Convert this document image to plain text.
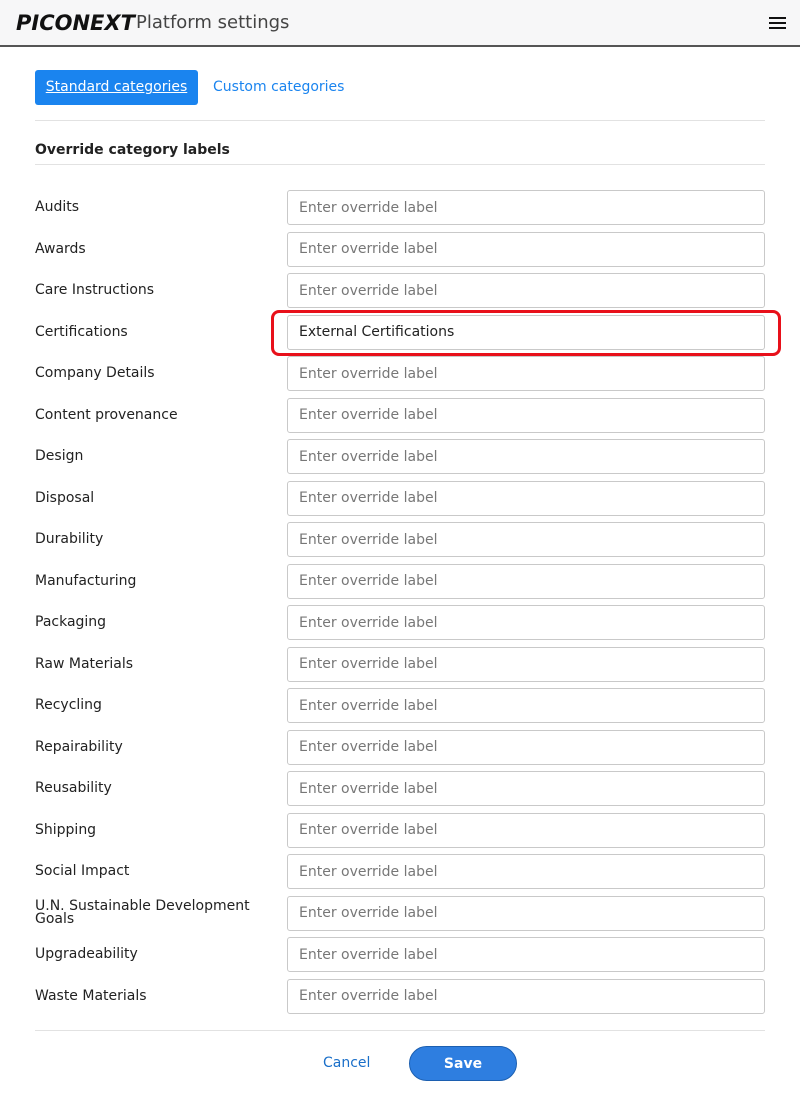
PICONEXT Platform settings
Standard categories	Custom categories
Override category labels
Audits
Enter override label
Awards
Enter override label
Care Instructions
Enter override label
Certifications
External Certifications
Company Details
Enter override label
Content provenance
Enter override label
Design
Enter override label
Disposal
Enter override label
Durability
Enter override label
Manufacturing
Enter override label
Packaging
Enter override label
Raw Materials
Enter override label
Recycling
Enter override label
Repairability
Enter override label
Reusability
Enter override label
Shipping
Enter override label
Social Impact
Enter override label
U.N. Sustainable Development Goals
Enter override label
Upgradeability
Enter override label
Waste Materials
Enter override label
Cancel	Save
